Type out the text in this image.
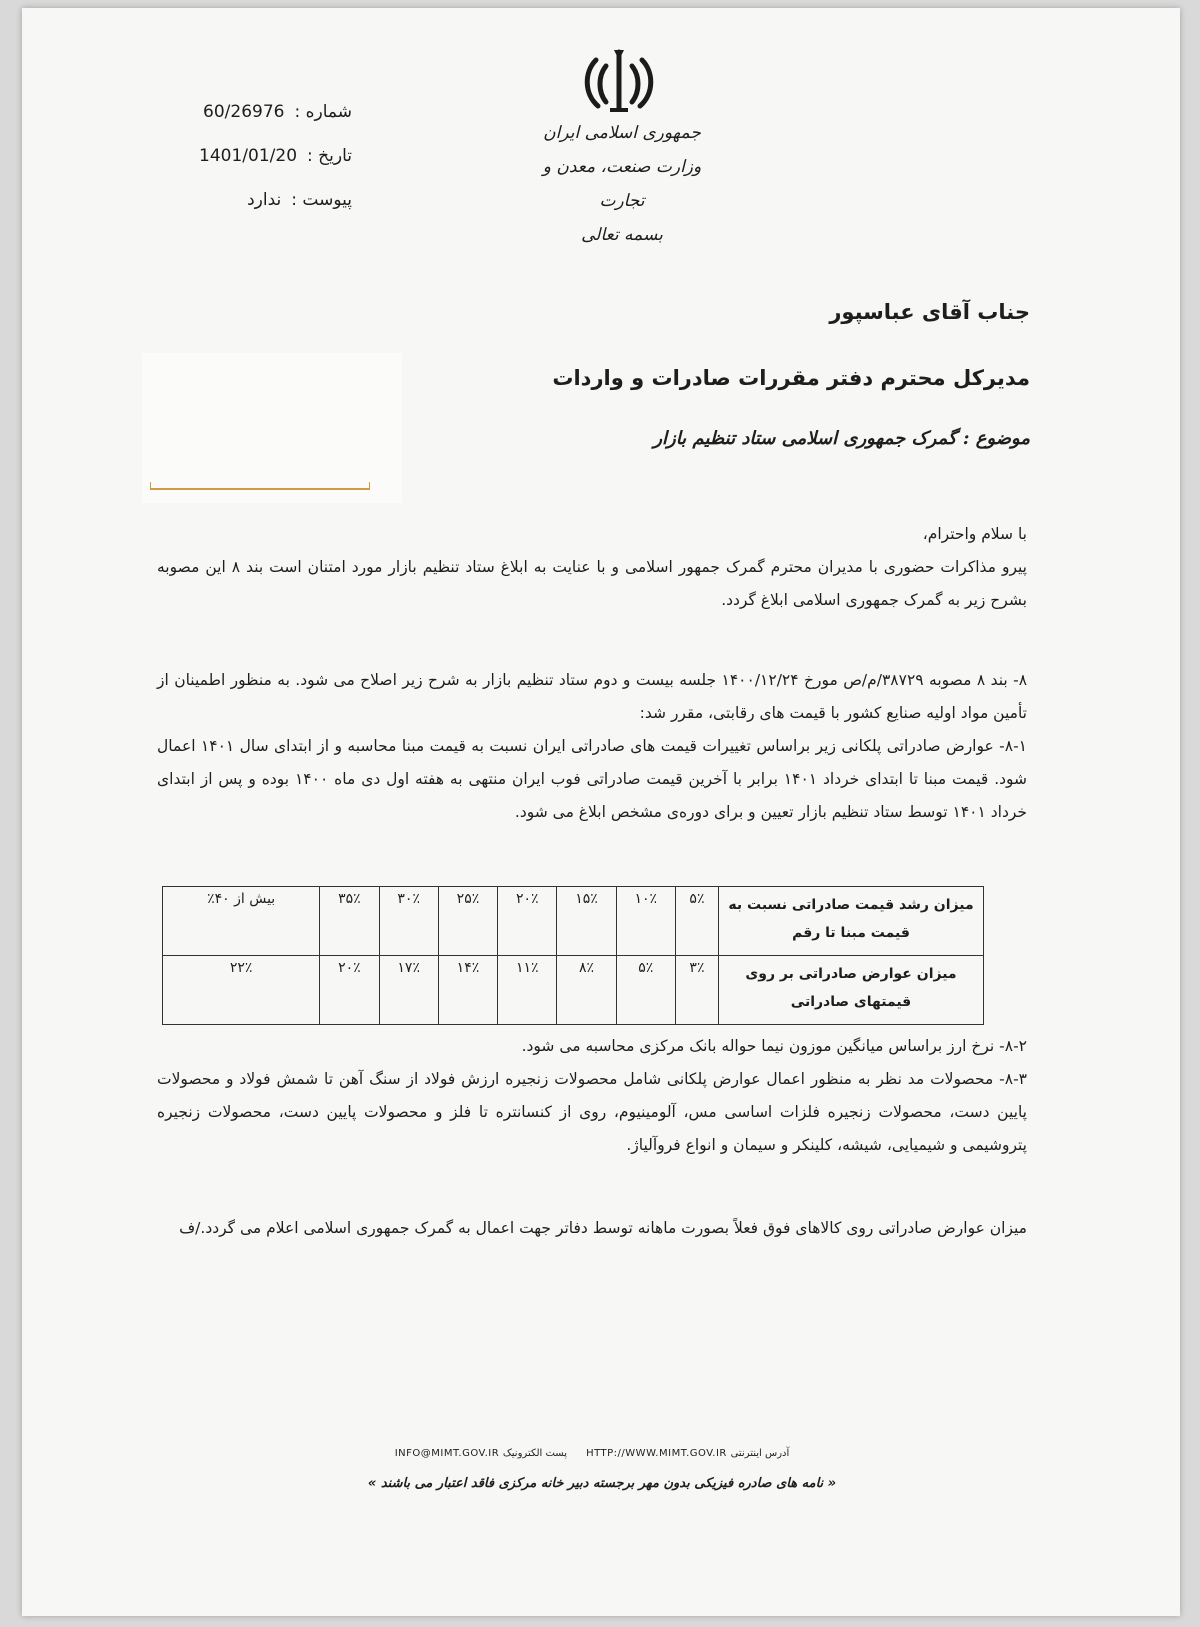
جمهوری اسلامی ایران
وزارت صنعت، معدن و تجارت
بسمه تعالی
شماره :
60/26976
تاریخ :
1401/01/20
پیوست :
ندارد
جناب آقای عباسپور
مدیرکل محترم دفتر مقررات صادرات و واردات
موضوع : گمرک جمهوری اسلامی ستاد تنظیم بازار

با سلام واحترام،

پیرو مذاکرات حضوری با مدیران محترم گمرک جمهور اسلامی و با عنایت به ابلاغ ستاد تنظیم بازار مورد امتنان است بند ۸ این مصوبه بشرح زیر به گمرک جمهوری اسلامی ابلاغ گردد.

۸- بند ۸ مصوبه ۳۸۷۲۹/م/ص مورخ ۱۴۰۰/۱۲/۲۴ جلسه بیست و دوم ستاد تنظیم بازار به شرح زیر اصلاح می شود. به منظور اطمینان از تأمین مواد اولیه صنایع کشور با قیمت های رقابتی، مقرر شد:

۸-۱- عوارض صادراتی پلکانی زیر براساس تغییرات قیمت های صادراتی ایران نسبت به قیمت مبنا محاسبه و از ابتدای سال ۱۴۰۱ اعمال شود. قیمت مبنا تا ابتدای خرداد ۱۴۰۱ برابر با آخرین قیمت صادراتی فوب ایران منتهی به هفته اول دی ماه ۱۴۰۰ بوده و پس از ابتدای خرداد ۱۴۰۱ توسط ستاد تنظیم بازار تعیین و برای دوره‌ی مشخص ابلاغ می شود.

میزان رشد قیمت صادراتی نسبت به قیمت مبنا تا رقم	۵٪	۱۰٪	۱۵٪	۲۰٪	۲۵٪	۳۰٪	۳۵٪	بیش از ۴۰٪
میزان عوارض صادراتی بر روی قیمتهای صادراتی	۳٪	۵٪	۸٪	۱۱٪	۱۴٪	۱۷٪	۲۰٪	۲۲٪

۸-۲- نرخ ارز براساس میانگین موزون نیما حواله بانک مرکزی محاسبه می شود.

۸-۳- محصولات مد نظر به منظور اعمال عوارض پلکانی شامل محصولات زنجیره ارزش فولاد از سنگ آهن تا شمش فولاد و محصولات پایین دست، محصولات زنجیره فلزات اساسی مس، آلومینیوم، روی از کنسانتره تا فلز و محصولات پایین دست، محصولات زنجیره پتروشیمی و شیمیایی، شیشه، کلینکر و سیمان و انواع فروآلیاژ.

میزان عوارض صادراتی روی کالاهای فوق فعلاً بصورت ماهانه توسط دفاتر جهت اعمال به گمرک جمهوری اسلامی اعلام می گردد./ف
INFO@MIMT.GOV.IR پست الکترونیک HTTP://WWW.MIMT.GOV.IR آدرس اینترنتی
« نامه های صادره فیزیکی بدون مهر برجسته دبیر خانه مرکزی فاقد اعتبار می باشند »
